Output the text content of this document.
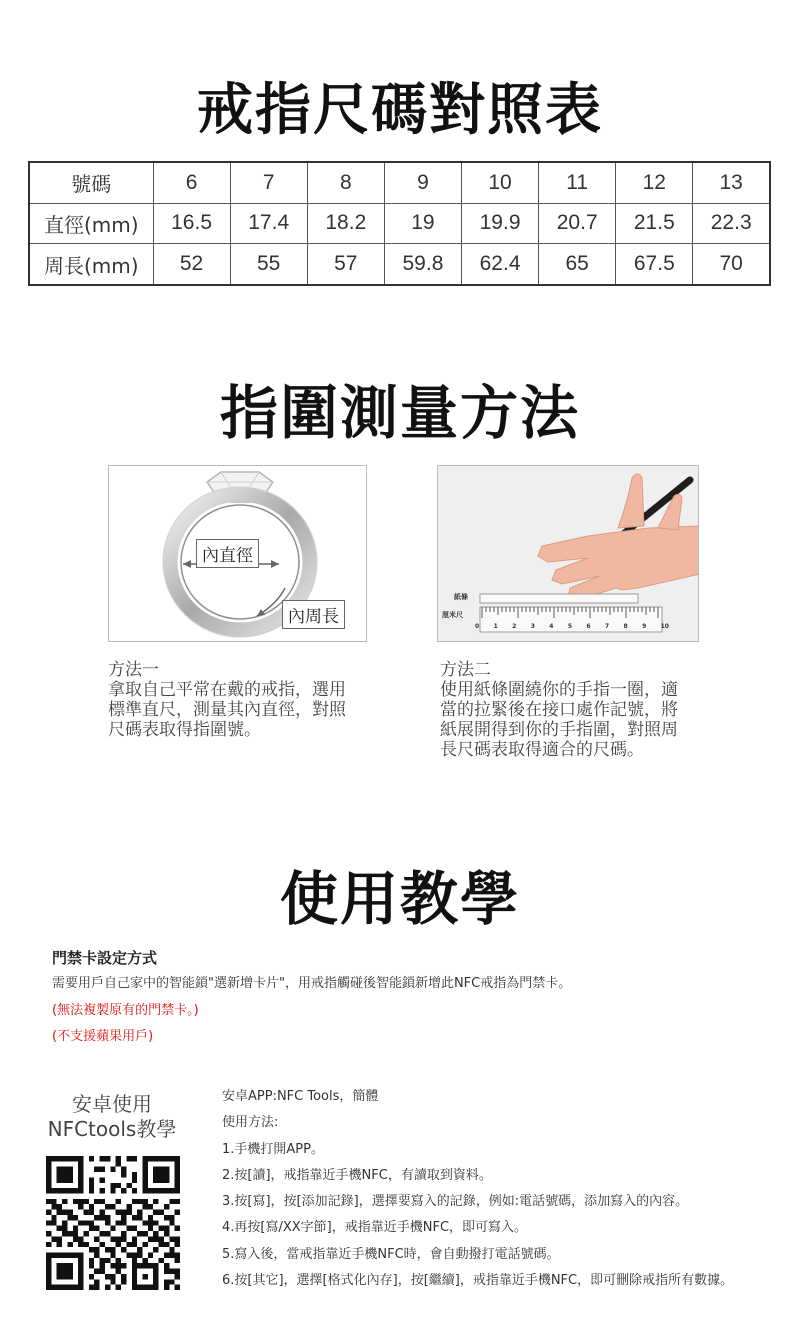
戒指尺碼對照表
號碼	6	7	8	9	10	11	12	13
直徑(mm)	16.5	17.4	18.2	19	19.9	20.7	21.5	22.3
周長(mm)	52	55	57	59.8	62.4	65	67.5	70
指圍測量方法
內直徑
內周長
紙條
厘米尺
0 1 2 3 4 5 6 7 8 9 10
方法一
拿取自己平常在戴的戒指，選用
標準直尺，測量其內直徑，對照
尺碼表取得指圍號。
方法二
使用紙條圍繞你的手指一圈，適
當的拉緊後在接口處作記號，將
紙展開得到你的手指圍，對照周
長尺碼表取得適合的尺碼。
使用教學
門禁卡設定方式
需要用戶自己家中的智能鎖"選新增卡片"，用戒指觸碰後智能鎖新增此NFC戒指為門禁卡。
(無法複製原有的門禁卡。)
(不支援蘋果用戶)
安卓使用
NFCtools教學
安卓APP:NFC Tools，簡體
使用方法:
1.手機打開APP。
2.按[讀]，戒指靠近手機NFC，有讀取到資料。
3.按[寫]，按[添加記錄]，選擇要寫入的記錄，例如:電話號碼，添加寫入的內容。
4.再按[寫/XX字節]，戒指靠近手機NFC，即可寫入。
5.寫入後，當戒指靠近手機NFC時，會自動撥打電話號碼。
6.按[其它]，選擇[格式化內存]，按[繼續]，戒指靠近手機NFC，即可刪除戒指所有數據。
